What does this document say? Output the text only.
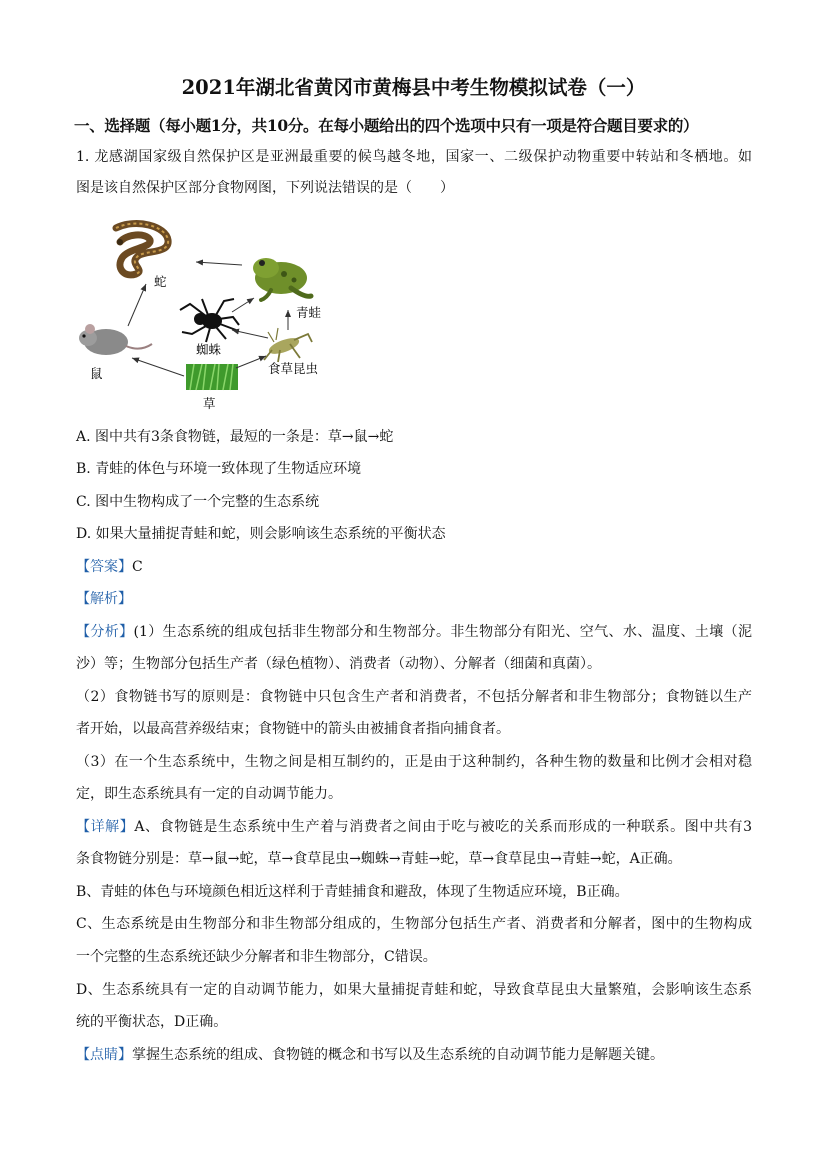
2021年湖北省黄冈市黄梅县中考生物模拟试卷（一）
一、选择题（每小题1分，共10分。在每小题给出的四个选项中只有一项是符合题目要求的）
1. 龙感湖国家级自然保护区是亚洲最重要的候鸟越冬地，国家一、二级保护动物重要中转站和冬栖地。如
图是该自然保护区部分食物网图，下列说法错误的是（　　）
蛇
青蛙
蜘蛛
鼠	食草昆虫
草
A. 图中共有3条食物链，最短的一条是：草→鼠→蛇
B. 青蛙的体色与环境一致体现了生物适应环境
C. 图中生物构成了一个完整的生态系统
D. 如果大量捕捉青蛙和蛇，则会影响该生态系统的平衡状态
【答案】C
【解析】
【分析】(1）生态系统的组成包括非生物部分和生物部分。非生物部分有阳光、空气、水、温度、土壤（泥
沙）等；生物部分包括生产者（绿色植物）、消费者（动物）、分解者（细菌和真菌）。
（2）食物链书写的原则是：食物链中只包含生产者和消费者，不包括分解者和非生物部分；食物链以生产
者开始，以最高营养级结束；食物链中的箭头由被捕食者指向捕食者。
（3）在一个生态系统中，生物之间是相互制约的，正是由于这种制约，各种生物的数量和比例才会相对稳
定，即生态系统具有一定的自动调节能力。
【详解】A、食物链是生态系统中生产着与消费者之间由于吃与被吃的关系而形成的一种联系。图中共有3
条食物链分别是：草→鼠→蛇，草→食草昆虫→蜘蛛→青蛙→蛇，草→食草昆虫→青蛙→蛇，A正确。
B、青蛙的体色与环境颜色相近这样利于青蛙捕食和避敌，体现了生物适应环境，B正确。
C、生态系统是由生物部分和非生物部分组成的，生物部分包括生产者、消费者和分解者，图中的生物构成
一个完整的生态系统还缺少分解者和非生物部分，C错误。
D、生态系统具有一定的自动调节能力，如果大量捕捉青蛙和蛇，导致食草昆虫大量繁殖，会影响该生态系
统的平衡状态，D正确。
【点睛】掌握生态系统的组成、食物链的概念和书写以及生态系统的自动调节能力是解题关键。
